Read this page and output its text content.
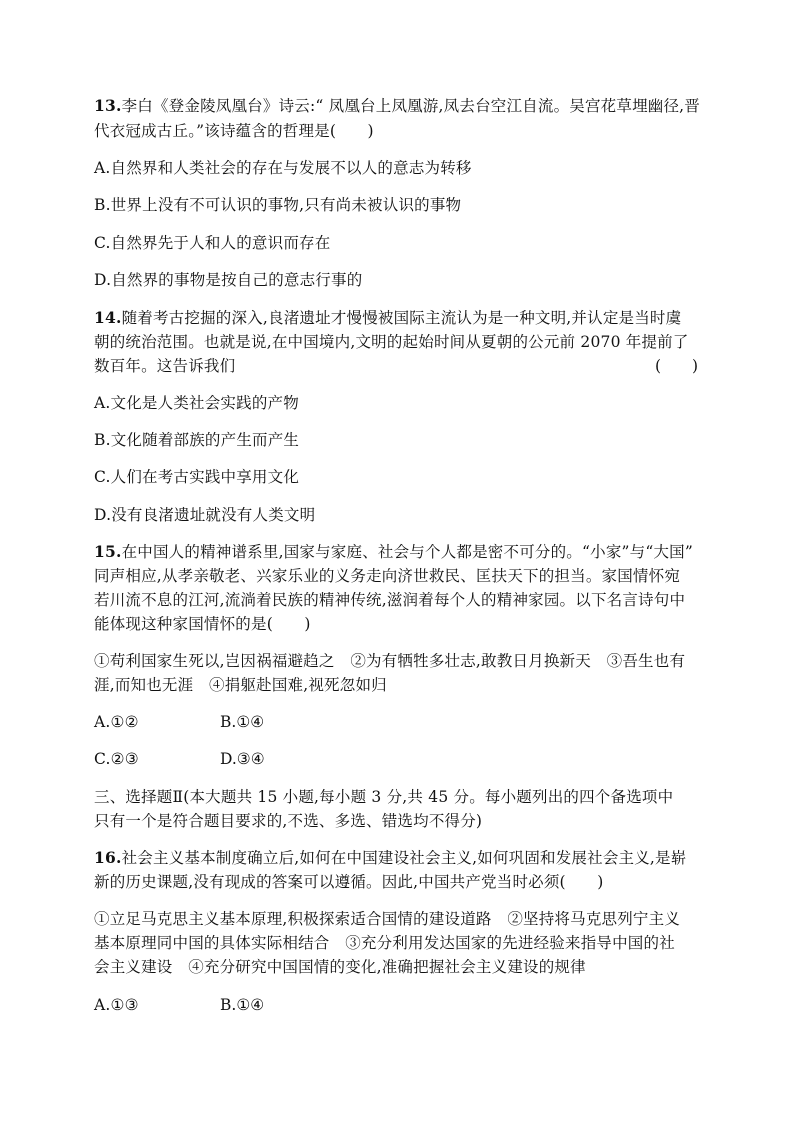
13.李白《登金陵凤凰台》诗云:“ 凤凰台上凤凰游,凤去台空江自流。吴宫花草埋幽径,晋
代衣冠成古丘。”该诗蕴含的哲理是(　　)
A.自然界和人类社会的存在与发展不以人的意志为转移
B.世界上没有不可认识的事物,只有尚未被认识的事物
C.自然界先于人和人的意识而存在
D.自然界的事物是按自己的意志行事的
14.随着考古挖掘的深入,良渚遗址才慢慢被国际主流认为是一种文明,并认定是当时虞
朝的统治范围。也就是说,在中国境内,文明的起始时间从夏朝的公元前 2070 年提前了
数百年。这告诉我们	(　　)
A.文化是人类社会实践的产物
B.文化随着部族的产生而产生
C.人们在考古实践中享用文化
D.没有良渚遗址就没有人类文明
15.在中国人的精神谱系里,国家与家庭、社会与个人都是密不可分的。“小家”与“大国”
同声相应,从孝亲敬老、兴家乐业的义务走向济世救民、匡扶天下的担当。家国情怀宛
若川流不息的江河,流淌着民族的精神传统,滋润着每个人的精神家园。以下名言诗句中
能体现这种家国情怀的是(　　)
①苟利国家生死以,岂因祸福避趋之　②为有牺牲多壮志,敢教日月换新天　③吾生也有
涯,而知也无涯　④捐躯赴国难,视死忽如归
A.①②	B.①④
C.②③	D.③④
三、选择题Ⅱ(本大题共 15 小题,每小题 3 分,共 45 分。每小题列出的四个备选项中
只有一个是符合题目要求的,不选、多选、错选均不得分)
16.社会主义基本制度确立后,如何在中国建设社会主义,如何巩固和发展社会主义,是崭
新的历史课题,没有现成的答案可以遵循。因此,中国共产党当时必须(　　)
①立足马克思主义基本原理,积极探索适合国情的建设道路　②坚持将马克思列宁主义
基本原理同中国的具体实际相结合　③充分利用发达国家的先进经验来指导中国的社
会主义建设　④充分研究中国国情的变化,准确把握社会主义建设的规律
A.①③	B.①④
